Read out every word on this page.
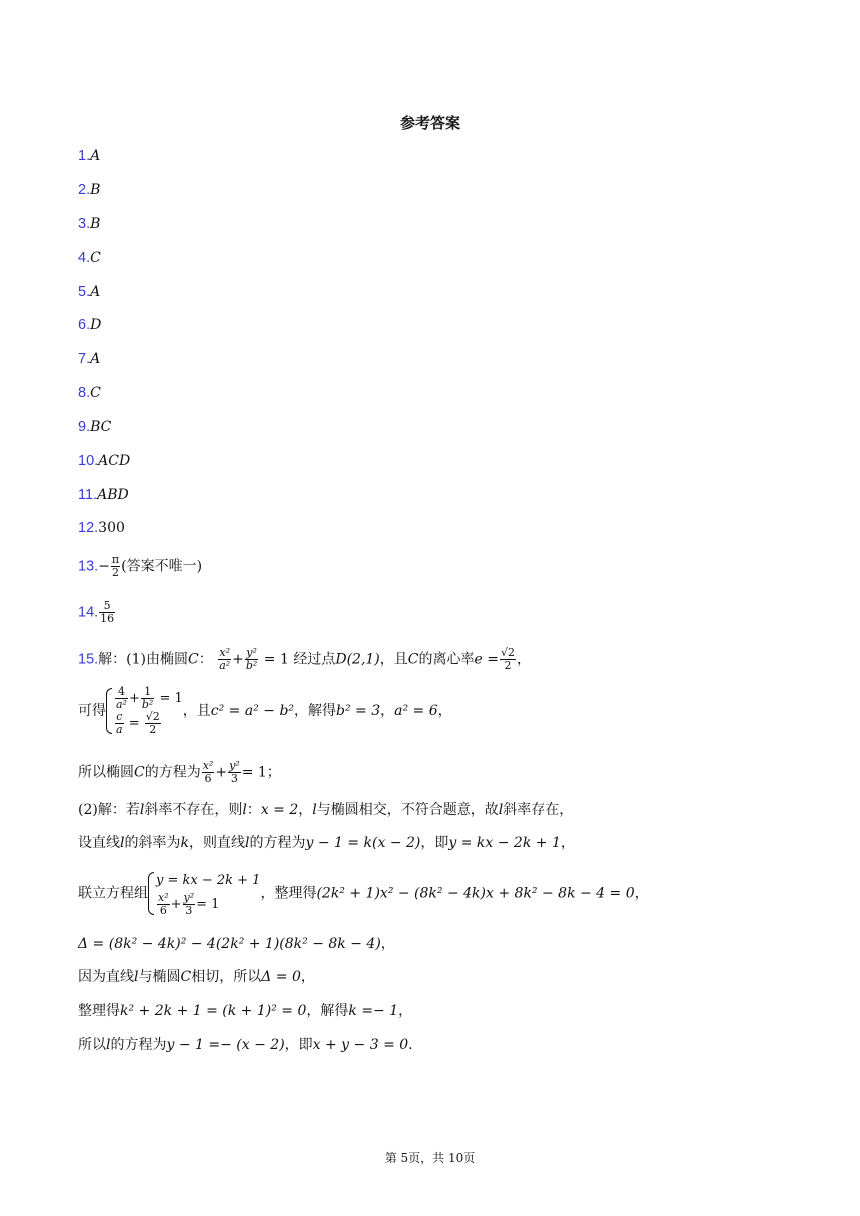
参考答案
1.A
2.B
3.B
4.C
5.A
6.D
7.A
8.C
9.BC
10.ACD
11.ABD
12.300
$13.- \frac{\pi}{2}$ (答案不唯一)
14. $\frac{5}{16}$
15.解：(1)由椭圆C： $\frac{\text{x²}}{\text{a²}} + \frac{\text{y²}}{\text{b²}} = 1$ 经过点D(2,1)，且C的离心率$e = \frac{√2}{2}$ ，
可得 $\frac{4}{\text{a²}} + \frac{1}{\text{b²}} = 1$
$\frac{c}{a} = \frac{√2}{2}$ ，且c² = a² − b²，解得b² = 3，a² = 6，
所以椭圆C的方程为 $\frac{\text{x²}}{6} + \frac{\text{y²}}{3} = 1$；
(2)解：若l斜率不存在，则l：x = 2，l与椭圆相交，不符合题意，故l斜率存在，
设直线l的斜率为k，则直线l的方程为y − 1 = k(x − 2)，即y = kx − 2k + 1，
联立方程组
y = kx − 2k + 1
$\frac{\text{x²}}{6} + \frac{\text{y²}}{3} = 1$
，整理得(2k² + 1)x² − (8k² − 4k)x + 8k² − 8k − 4 = 0，
Δ = (8k² − 4k)² − 4(2k² + 1)(8k² − 8k − 4)，
因为直线l与椭圆C相切，所以Δ = 0，
整理得k² + 2k + 1 = (k + 1)² = 0，解得k =− 1，
所以l的方程为y − 1 =− (x − 2)，即x + y − 3 = 0.
第 5页，共 10页
